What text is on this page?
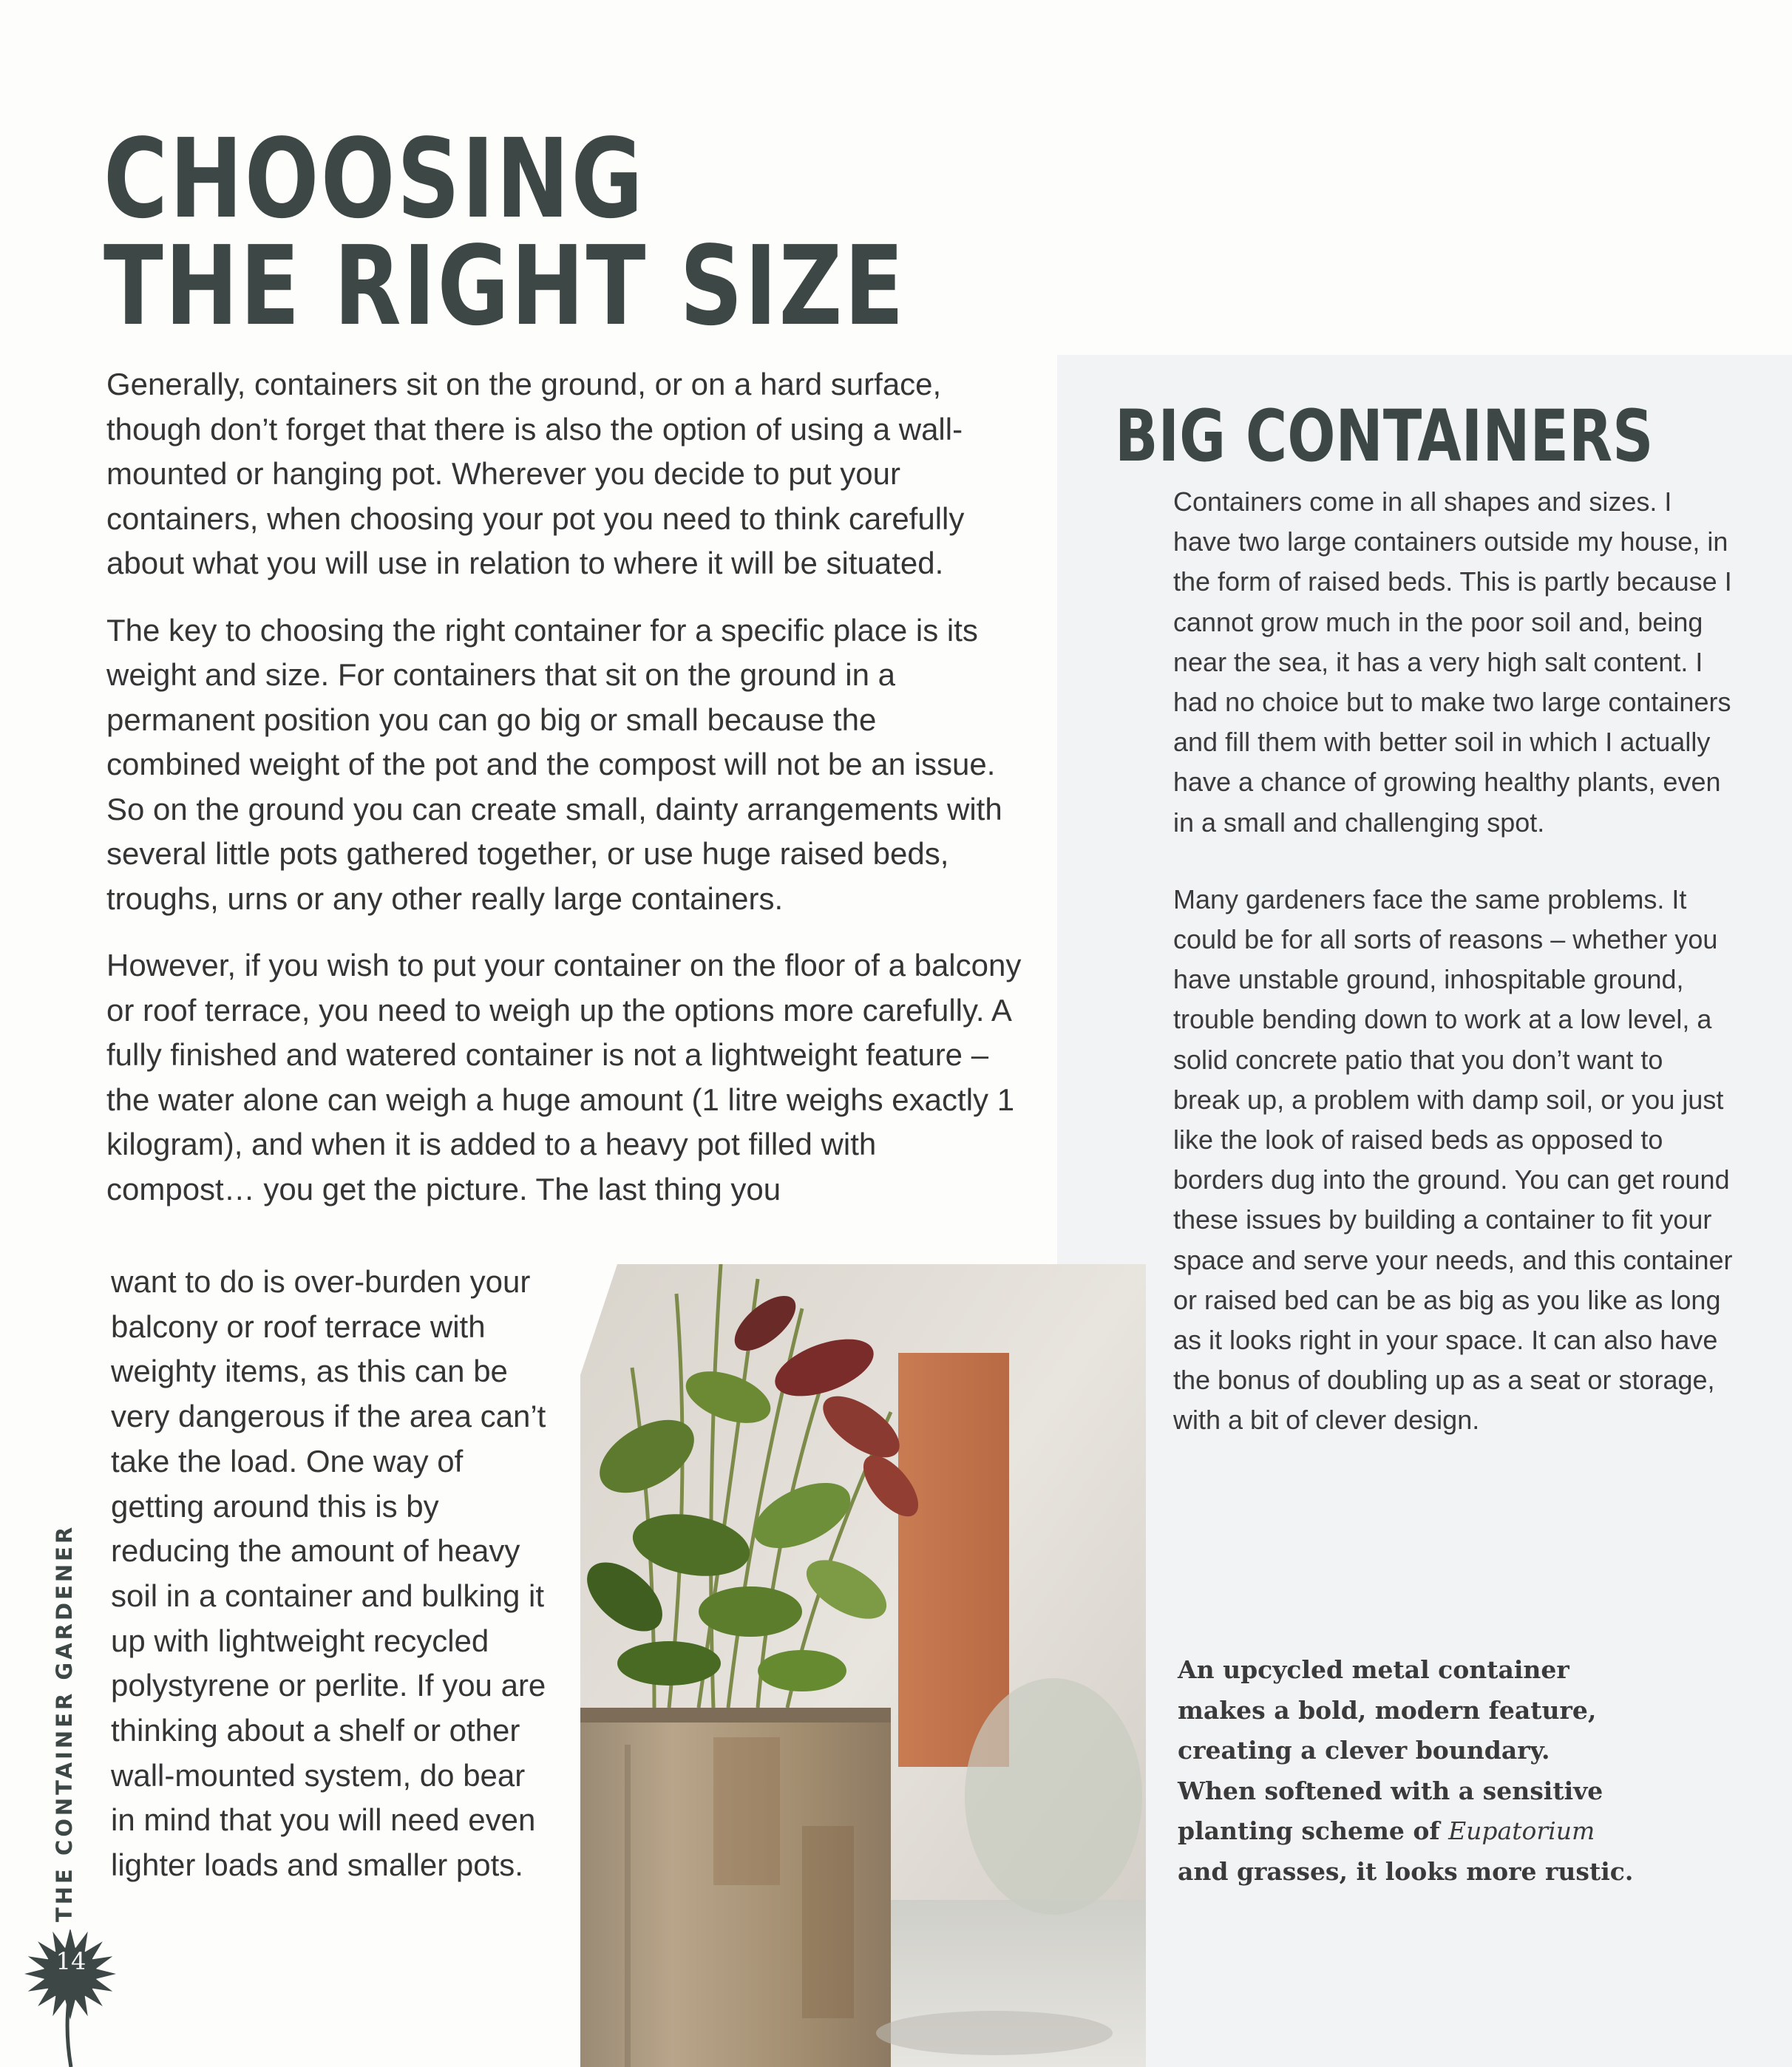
CHOOSING
THE RIGHT SIZE

Generally, containers sit on the ground, or on a hard surface, though don’t forget that there is also the option of using a wall-mounted or hanging pot. Wherever you decide to put your containers, when choosing your pot you need to think carefully about what you will use in relation to where it will be situated.

The key to choosing the right container for a specific place is its weight and size. For containers that sit on the ground in a permanent position you can go big or small because the combined weight of the pot and the compost will not be an issue. So on the ground you can create small, dainty arrangements with several little pots gathered together, or use huge raised beds, troughs, urns or any other really large containers.

However, if you wish to put your container on the floor of a balcony or roof terrace, you need to weigh up the options more carefully. A fully finished and watered container is not a lightweight feature – the water alone can weigh a huge amount (1 litre weighs exactly 1 kilogram), and when it is added to a heavy pot filled with compost… you get the picture. The last thing you

want to do is over-burden your balcony or roof terrace with weighty items, as this can be very dangerous if the area can’t take the load. One way of getting around this is by reducing the amount of heavy soil in a container and bulking it up with lightweight recycled polystyrene or perlite. If you are thinking about a shelf or other wall-mounted system, do bear in mind that you will need even lighter loads and smaller pots.
BIG CONTAINERS

Containers come in all shapes and sizes. I have two large containers outside my house, in the form of raised beds. This is partly because I cannot grow much in the poor soil and, being near the sea, it has a very high salt content. I had no choice but to make two large containers and fill them with better soil in which I actually have a chance of growing healthy plants, even in a small and challenging spot.

Many gardeners face the same problems. It could be for all sorts of reasons – whether you have unstable ground, inhospitable ground, trouble bending down to work at a low level, a solid concrete patio that you don’t want to break up, a problem with damp soil, or you just like the look of raised beds as opposed to borders dug into the ground. You can get round these issues by building a container to fit your space and serve your needs, and this container or raised bed can be as big as you like as long as it looks right in your space. It can also have the bonus of doubling up as a seat or storage, with a bit of clever design.

An upcycled metal container makes a bold, modern feature, creating a clever boundary. When softened with a sensitive planting scheme of Eupatorium and grasses, it looks more rustic.
THE CONTAINER GARDENER
14
